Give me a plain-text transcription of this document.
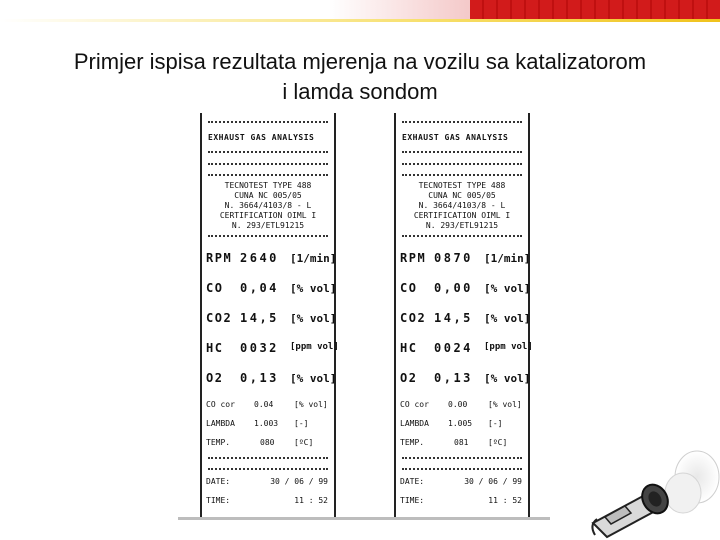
Primjer ispisa rezultata mjerenja na vozilu sa katalizatorom
i lamda sondom
EXHAUST GAS ANALYSIS
TECNOTEST TYPE 488
CUNA NC 005/05
N. 3664/4103/8 - L
CERTIFICATION OIML I
N. 293/ETL91215
RPM 2640 [1/min]
CO 0,04 [% vol]
CO2 14,5 [% vol]
HC 0032 [ppm vol]
O2 0,13 [% vol]
CO cor 0.04	[% vol]
LAMBDA 1.003 [-]
TEMP.	080 [ºC]
DATE:	30 / 06 / 99
TIME:	11 : 52
EXHAUST GAS ANALYSIS
TECNOTEST TYPE 488
CUNA NC 005/05
N. 3664/4103/8 - L
CERTIFICATION OIML I
N. 293/ETL91215
RPM 0870 [1/min]
CO 0,00 [% vol]
CO2 14,5 [% vol]
HC 0024 [ppm vol]
O2 0,13 [% vol]
CO cor 0.00	[% vol]
LAMBDA 1.005 [-]
TEMP.	081 [ºC]
DATE:	30 / 06 / 99
TIME:	11 : 52
